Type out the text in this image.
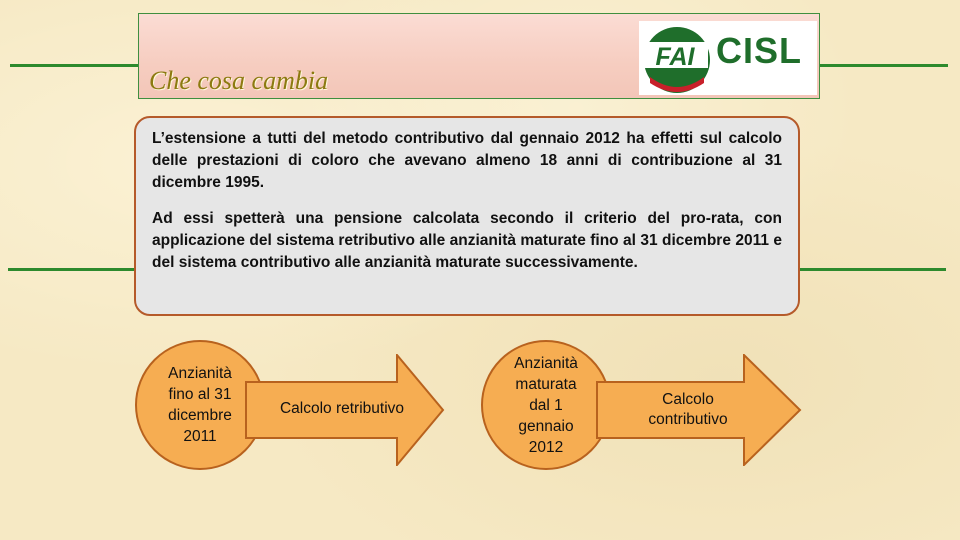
Che cosa cambia
FAI CISL

L’estensione a tutti del metodo contributivo dal gennaio 2012 ha effetti sul calcolo delle prestazioni di coloro che avevano almeno 18 anni di contribuzione al 31 dicembre 1995.

Ad essi spetterà una pensione calcolata secondo il criterio del pro-rata, con applicazione del sistema retributivo alle anzianità maturate fino al 31 dicembre 2011 e del sistema contributivo alle anzianità maturate successivamente.

Anzianità fino al 31 dicembre 2011
Calcolo retributivo
Anzianità maturata dal 1 gennaio 2012
Calcolo contributivo
